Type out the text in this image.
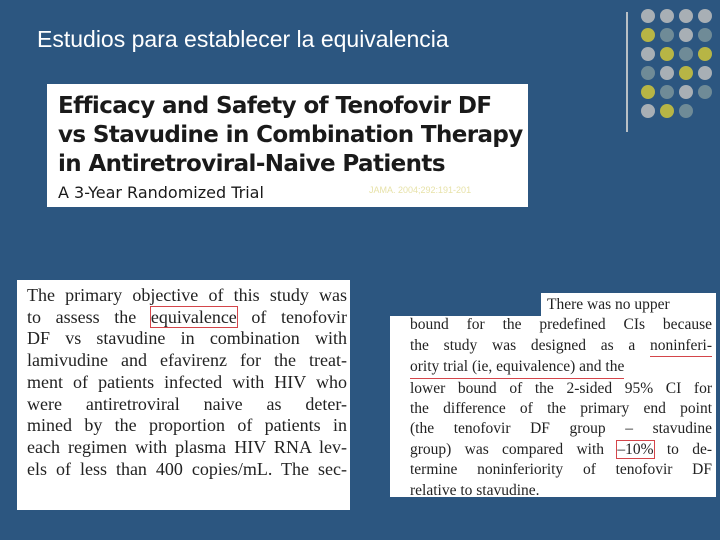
Estudios para establecer la equivalencia
Efficacy and Safety of Tenofovir DF
vs Stavudine in Combination Therapy
in Antiretroviral-Naive Patients
A 3-Year Randomized Trial	JAMA. 2004;292:191-201
The primary objective of this study was
to assess the equivalence of tenofovir
DF vs stavudine in combination with
lamivudine and efavirenz for the treat-
ment of patients infected with HIV who
were antiretroviral naive as deter-
mined by the proportion of patients in
each regimen with plasma HIV RNA lev-
els of less than 400 copies/mL. The sec-
There was no upper
bound for the predefined CIs because
the study was designed as a noninferi-
ority trial (ie, equivalence) and the
lower bound of the 2-sided 95% CI for
the difference of the primary end point
(the tenofovir DF group – stavudine
group) was compared with –10% to de-
termine noninferiority of tenofovir DF
relative to stavudine.
